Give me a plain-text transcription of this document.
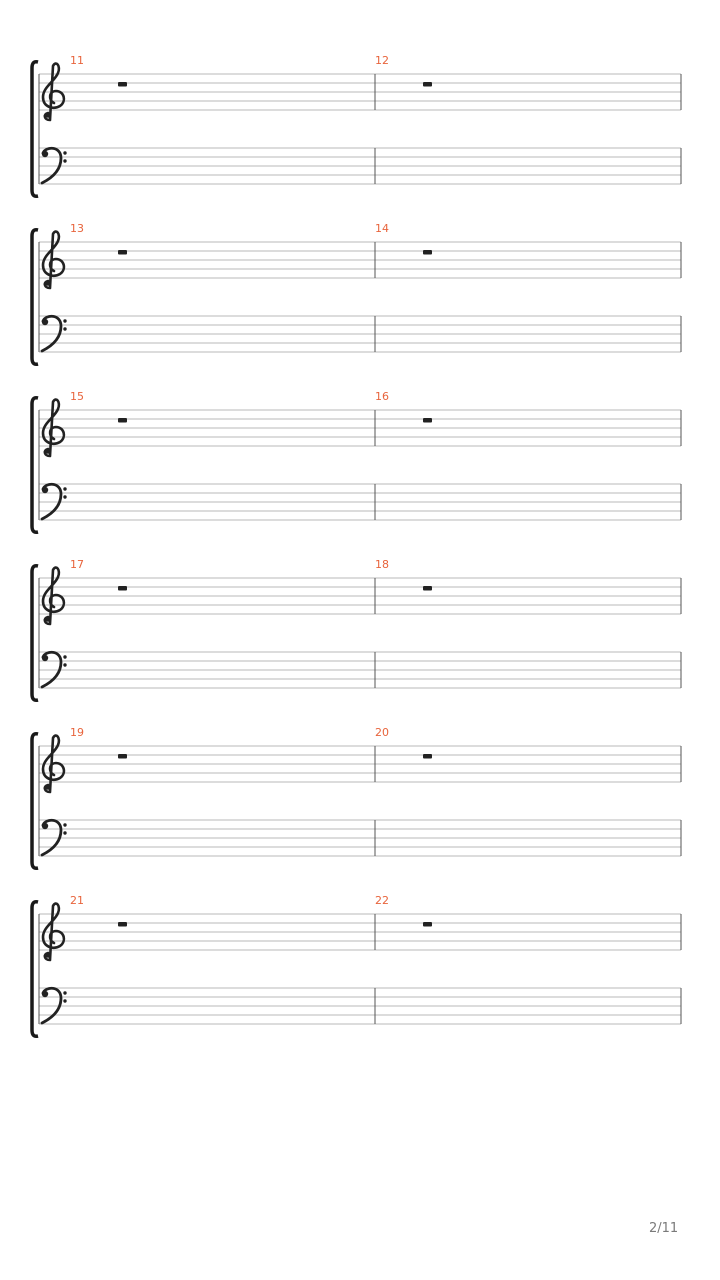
11	12
13	14
15	16
17	18
19	20
21	22
2/11
